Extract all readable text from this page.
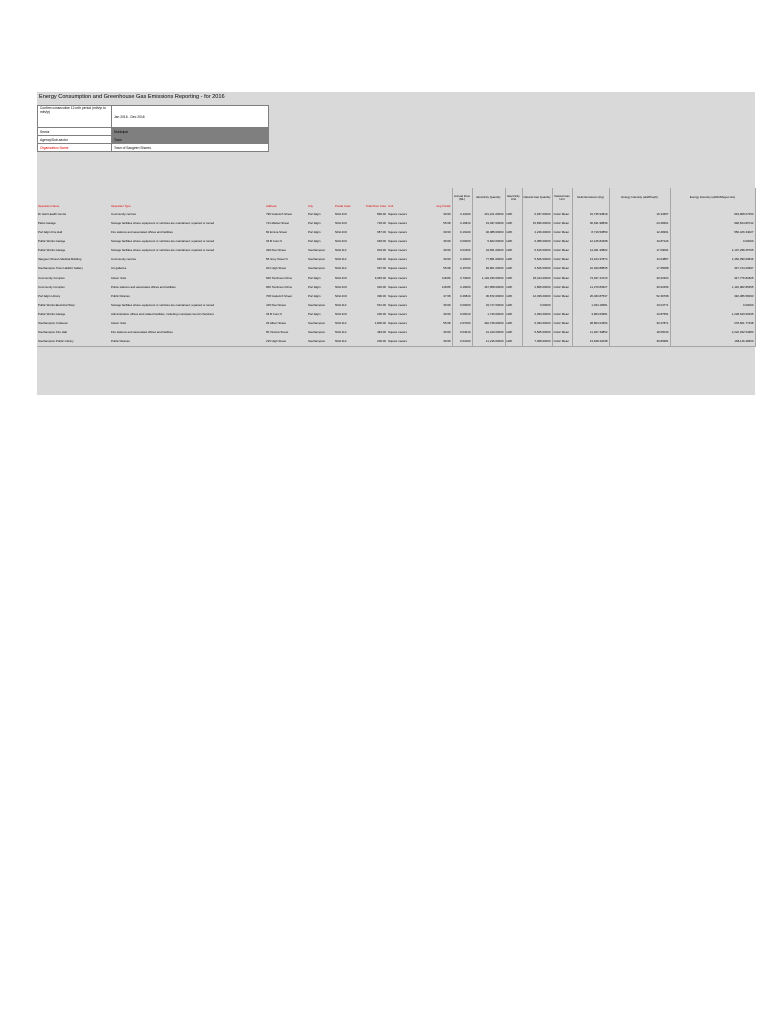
Energy Consumption and Greenhouse Gas Emissions Reporting - for 2016
Confirm consecutive 12-mth period (mth/yr to mth/yr)	Jan 2016 - Dec 2016
Sector	Municipal
Agency/Sub-sector	Town
Organization Name	Town of Saugeen Shores
Operation Name	Operation Type	Address	City	Postal Code	Total Floor Area	Unit	Avg hrs/wk	Annual Flow (ML)	Electricity Quantity	Electricity Unit	Natural Gas Quantity	Natural Gas Unit	GHG Emissions (Kg)	Energy Intensity (ekWh/sqft)	Energy Intensity (ekWh/Mega Litre)
Dr. Earl Health Centre	Community centres	796 Goderich Street	Port Elgin	N0H 2C0	866.00	Square meters	39.99	0.11000	101,101.00000	kWh	6,937.00000	Cubic Meter	16,745.93819	16.34357	933,968.07253
Parks Garage	Storage facilities where equipment or vehicles are maintained, repaired or stored	741 Market Street	Port Elgin	N0H 2C0	718.00	Square meters	55.98	0.16810	19,497.00000	kWh	15,836.00000	Cubic Meter	30,631.98839	24.28461	928,814.80742
Port Elgin Fire Hall	Fire stations and associated offices and facilities	82 Emma Street	Port Elgin	N0H 2C0	687.00	Square meters	39.99	0.16100	46,088.00000	kWh	4,246.00000	Cubic Meter	8,719.50850	12.48261	556,426.34027
Public Works Garage	Storage facilities where equipment or vehicles are maintained, repaired or stored	33 B Conc 6	Port Elgin	N0H 2C0	648.00	Square meters	39.99	0.00000	5,822.00000	kWh	6,386.00000	Cubic Meter	12,125.84298	10.87126	0.00000
Public Works Garage	Storage facilities where equipment or vehicles are maintained, repaired or stored	429 Peel Street	Southampton	N0H 2L0	604.00	Square meters	39.99	0.01600	44,561.00000	kWh	6,616.00000	Cubic Meter	14,461.39802	17.09091	1,107,298.25795
Saugeen Shores Medical Building	Community centres	56 Grey Street N	Southampton	N0H 2L0	930.00	Square meters	39.99	0.10000	77,851.00000	kWh	5,526.00000	Cubic Meter	13,164.37874	13.64887	1,352,090.06846
Southampton Town Hall/Art Gallery	Art galleries	201 High Street	Southampton	N0H 2L0	697.00	Square meters	55.98	0.16700	84,861.00000	kWh	3,526.00000	Cubic Meter	10,043.88835	17.65088	437,744.20997
Community Complex	Indoor rinks	600 Tomlinson Drive	Port Elgin	N0H 2C0	3,945.00	Square meters	118.86	3.73000	1,104,330.00000	kWh	18,444.00000	Cubic Meter	74,027.44723	30.62264	347,776.81825
Community Complex	Police stations and associated offices and facilities	600 Tomlinson Drive	Port Elgin	N0H 2C0	620.00	Square meters	118.86	0.19000	167,958.00000	kWh	2,805.00000	Cubic Meter	11,270.83627	30.62256	1,110,082.85355
Port Elgin Library	Public libraries	708 Goderich Street	Port Elgin	N0H 2C0	390.00	Square meters	47.98	0.46810	36,872.00000	kWh	12,336.00000	Cubic Meter	26,463.87537	52.36798	492,386.56093
Public Works Electrical Shop	Storage facilities where equipment or vehicles are maintained, repaired or stored	415 Peel Street	Southampton	N0H 2L0	531.00	Square meters	39.99	0.00000	34,717.00000	kWh	0.00000		1,034.16681	10.04771	0.00000
Public Works Garage	Administrative offices and related facilities, including municipal council chambers	33 B Conc 6	Port Elgin	N0H 2C0	200.00	Square meters	39.99	0.06010	1,740.00000	kWh	2,093.00000	Cubic Meter	3,964.60681	10.87551	1,228,643.09435
Southampton Coliseum	Indoor rinks	26 Albert Street	Southampton	N0H 2L0	1,800.00	Square meters	55.98	2.07000	492,748.00000	kWh	6,393.00000	Cubic Meter	28,804.03354	30.27871	278,601.77438
Southampton Fire Hall	Fire stations and associated offices and facilities	50 Victoria Street	Southampton	N0H 2L0	484.00	Square meters	39.99	0.03610	41,310.00000	kWh	5,505.00000	Cubic Meter	11,947.49852	18.65040	2,222,032.54383
Southampton Public Library	Public libraries	215 High Street	Southampton	N0H 2L0	200.00	Square meters	39.99	0.01000	11,216.00000	kWh	7,008.00000	Cubic Meter	13,648.22038	39.80681	168,116.48463
